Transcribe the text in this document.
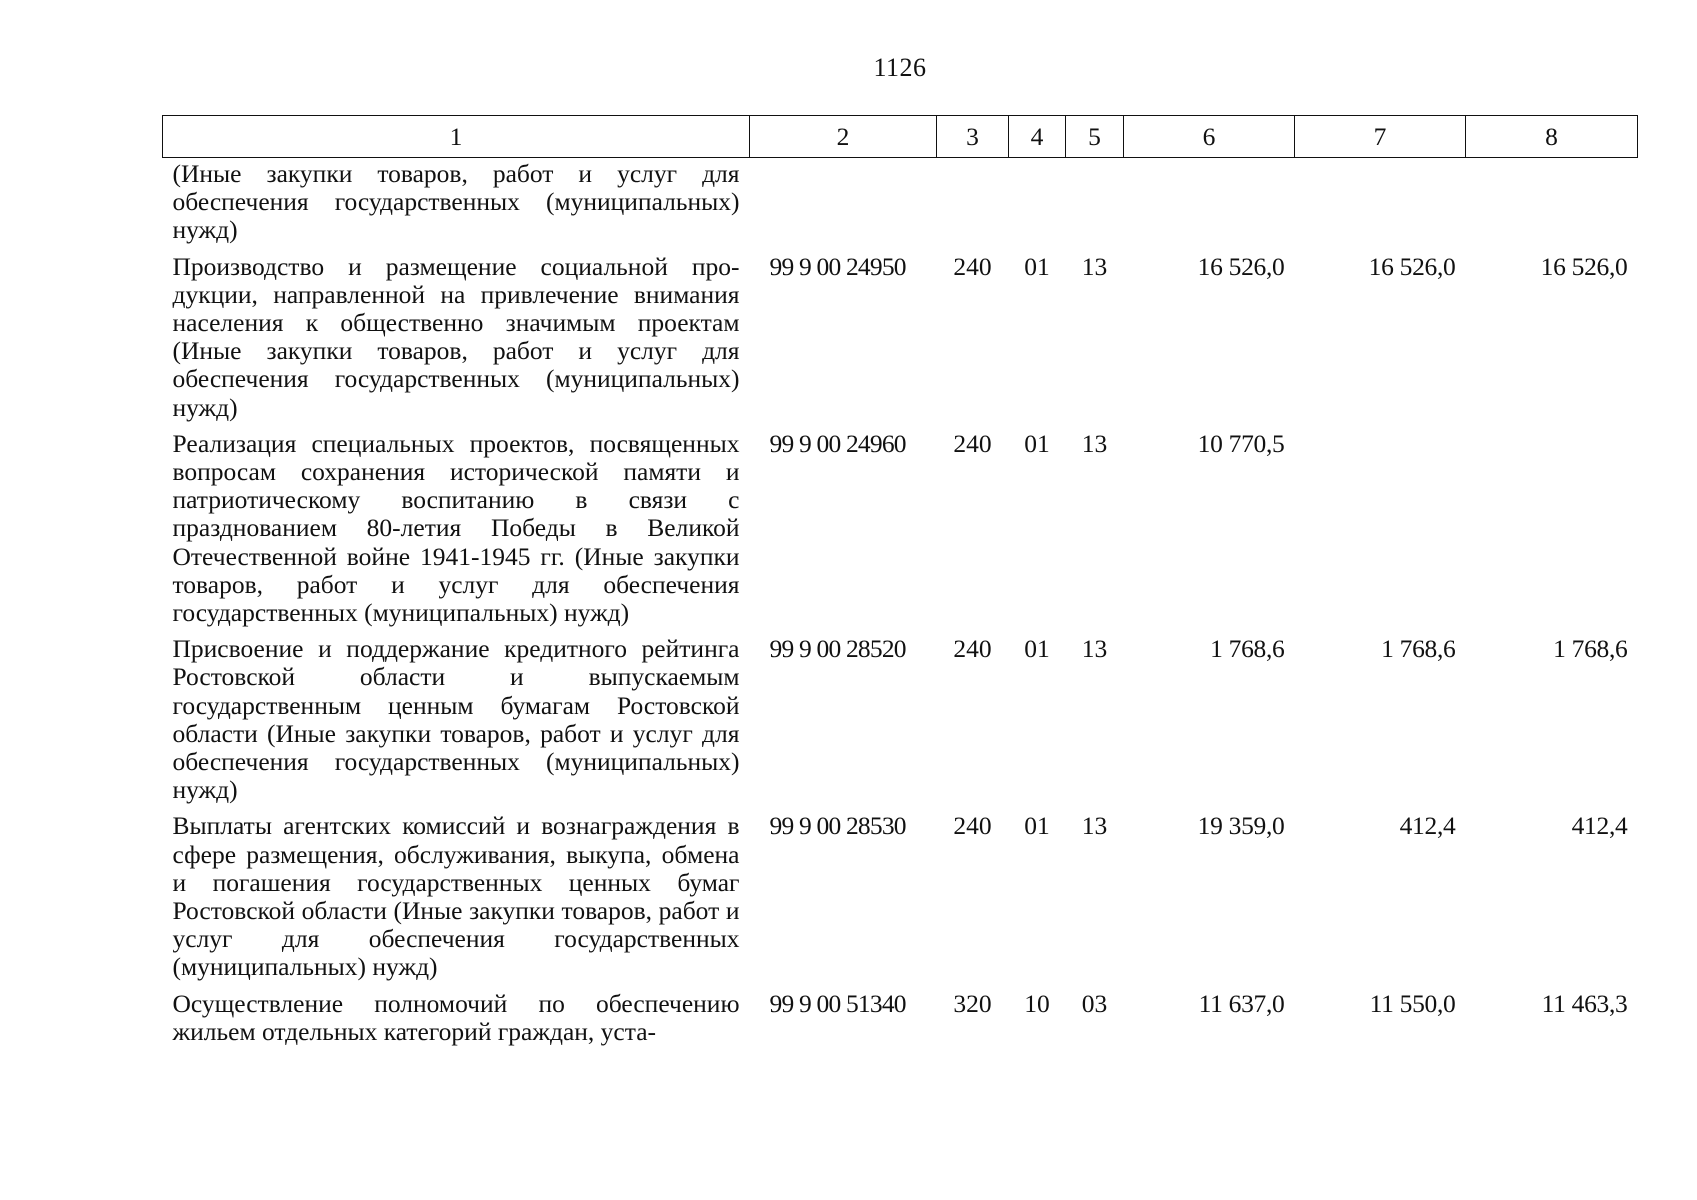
1126
1	2	3	4	5	6	7	8
(Иные закупки товаров, работ и услуг для обеспечения государственных (муниципальных) нужд)							
Производство и размещение социальной продукции, направленной на привлечение внимания населения к общественно значимым проектам (Иные закупки товаров, работ и услуг для обеспечения государственных (муниципальных) нужд)	99 9 00 24950	240	01	13	16 526,0	16 526,0	16 526,0
Реализация специальных проектов, посвященных вопросам сохранения исторической памяти и патриотическому воспитанию в связи с празднованием 80-летия Победы в Великой Отечественной войне 1941-1945 гг. (Иные закупки товаров, работ и услуг для обеспечения государственных (муниципальных) нужд)	99 9 00 24960	240	01	13	10 770,5		
Присвоение и поддержание кредитного рейтинга Ростовской области и выпускаемым государственным ценным бумагам Ростовской области (Иные закупки товаров, работ и услуг для обеспечения государственных (муниципальных) нужд)	99 9 00 28520	240	01	13	1 768,6	1 768,6	1 768,6
Выплаты агентских комиссий и вознаграждения в сфере размещения, обслуживания, выкупа, обмена и погашения государственных ценных бумаг Ростовской области (Иные закупки товаров, работ и услуг для обеспечения государственных (муниципальных) нужд)	99 9 00 28530	240	01	13	19 359,0	412,4	412,4
Осуществление полномочий по обеспечению жильем отдельных категорий граждан, уста-	99 9 00 51340	320	10	03	11 637,0	11 550,0	11 463,3
